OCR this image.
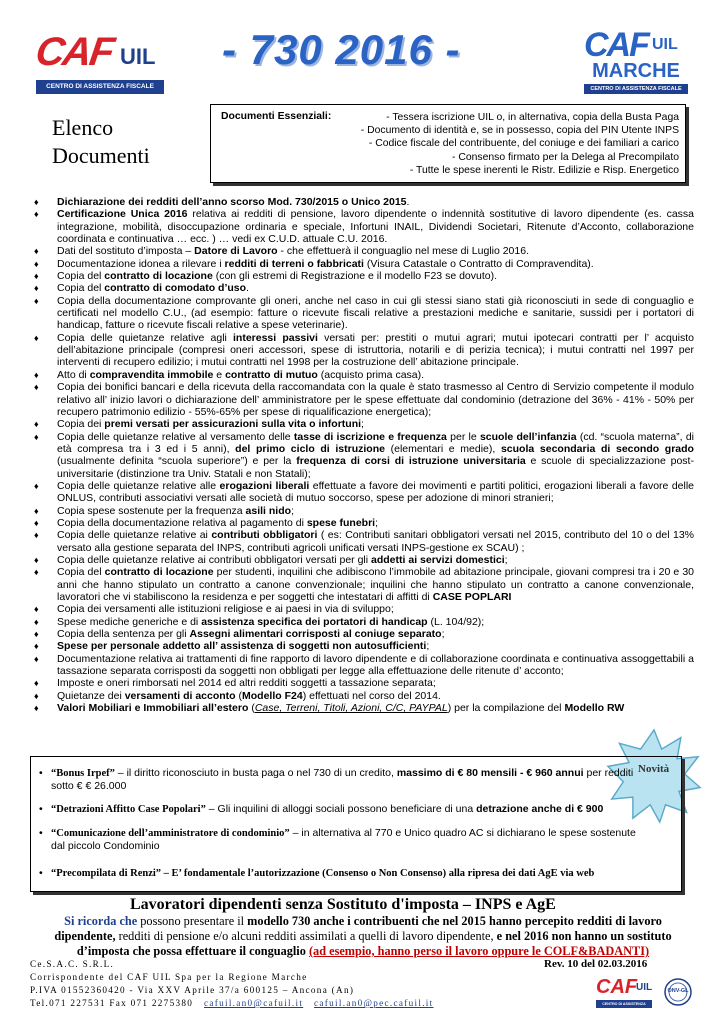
CAF UIL
CENTRO DI ASSISTENZA FISCALE
- 730 2016 -	CAF UIL
MARCHE
CENTRO DI ASSISTENZA FISCALE
Elenco
Documenti
Documenti Essenziali:	- Tessera iscrizione UIL o, in alternativa, copia della Busta Paga
- Documento di identità e, se in possesso, copia del PIN Utente INPS
- Codice fiscale del contribuente, del coniuge e dei familiari a carico
- Consenso firmato per la Delega al Precompilato
- Tutte le spese inerenti le Ristr. Edilizie e Risp. Energetico
♦ Dichiarazione dei redditi dell’anno scorso Mod. 730/2015 o Unico 2015.
♦ Certificazione Unica 2016 relativa ai redditi di pensione, lavoro dipendente o indennità sostitutive di lavoro dipendente (es. cassa integrazione, mobilità, disoccupazione ordinaria e speciale, Infortuni INAIL, Dividendi Societari, Ritenute d’Acconto, collaborazione coordinata e continuativa … ecc. ) … vedi ex C.U.D. attuale C.U. 2016.
♦ Dati del sostituto d’imposta – Datore di Lavoro - che effettuerà il conguaglio nel mese di Luglio 2016.
♦ Documentazione idonea a rilevare i redditi di terreni o fabbricati (Visura Catastale o Contratto di Compravendita).
♦ Copia del contratto di locazione (con gli estremi di Registrazione e il modello F23 se dovuto).
♦ Copia del contratto di comodato d’uso.
♦ Copia della documentazione comprovante gli oneri, anche nel caso in cui gli stessi siano stati già riconosciuti in sede di conguaglio e certificati nel modello C.U., (ad esempio: fatture o ricevute fiscali relative a prestazioni mediche e sanitarie, sussidi per i portatori di handicap, fatture o ricevute fiscali relative a spese veterinarie).
♦ Copia delle quietanze relative agli interessi passivi versati per: prestiti o mutui agrari; mutui ipotecari contratti per l’ acquisto dell’abitazione principale (compresi oneri accessori, spese di istruttoria, notarili e di perizia tecnica); i mutui contratti nel 1997 per interventi di recupero edilizio; i mutui contratti nel 1998 per la costruzione dell’ abitazione principale.
♦ Atto di compravendita immobile e contratto di mutuo (acquisto prima casa).
♦ Copia dei bonifici bancari e della ricevuta della raccomandata con la quale è stato trasmesso al Centro di Servizio competente il modulo relativo all’ inizio lavori o dichiarazione dell’ amministratore per le spese effettuate dal condominio (detrazione del 36% - 41% - 50% per recupero patrimonio edilizio - 55%-65% per spese di riqualificazione energetica);
♦ Copia dei premi versati per assicurazioni sulla vita o infortuni;
♦ Copia delle quietanze relative al versamento delle tasse di iscrizione e frequenza per le scuole dell’infanzia (cd. “scuola materna”, di età compresa tra i 3 ed i 5 anni), del primo ciclo di istruzione (elementari e medie), scuola secondaria di secondo grado (usualmente definita “scuola superiore”) e per la frequenza di corsi di istruzione universitaria e scuole di specializzazione post-universitarie (distinzione tra Univ. Statali e non Statali);
♦ Copia delle quietanze relative alle erogazioni liberali effettuate a favore dei movimenti e partiti politici, erogazioni liberali a favore delle ONLUS, contributi associativi versati alle società di mutuo soccorso, spese per adozione di minori stranieri;
♦ Copia spese sostenute per la frequenza asili nido;
♦ Copia della documentazione relativa al pagamento di spese funebri;
♦ Copia delle quietanze relative ai contributi obbligatori ( es: Contributi sanitari obbligatori versati nel 2015, contributo del 10 o del 13% versato alla gestione separata del INPS, contributi agricoli unificati versati INPS-gestione ex SCAU) ;
♦ Copia delle quietanze relative ai contributi obbligatori versati per gli addetti ai servizi domestici;
♦ Copia del contratto di locazione per studenti, inquilini che adibiscono l’immobile ad abitazione principale, giovani compresi tra i 20 e 30 anni che hanno stipulato un contratto a canone convenzionale; inquilini che hanno stipulato un contratto a canone convenzionale, lavoratori che vi stabiliscono la residenza e per soggetti che intestatari di affitti di CASE POPLARI
♦ Copia dei versamenti alle istituzioni religiose e ai paesi in via di sviluppo;
♦ Spese mediche generiche e di assistenza specifica dei portatori di handicap (L. 104/92);
♦ Copia della sentenza per gli Assegni alimentari corrisposti al coniuge separato;
♦ Spese per personale addetto all’ assistenza di soggetti non autosufficienti;
♦ Documentazione relativa ai trattamenti di fine rapporto di lavoro dipendente e di collaborazione coordinata e continuativa assoggettabili a tassazione separata corrisposti da soggetti non obbligati per legge alla effettuazione delle ritenute d’ acconto;
♦ Imposte e oneri rimborsati nel 2014 ed altri redditi soggetti a tassazione separata;
♦ Quietanze dei versamenti di acconto (Modello F24) effettuati nel corso del 2014.
♦ Valori Mobiliari e Immobiliari all’estero (Case, Terreni, Titoli, Azioni, C/C, PAYPAL) per la compilazione del Modello RW
Novità
• “Bonus Irpef” – il diritto riconosciuto in busta paga o nel 730 di un credito, massimo di € 80 mensili - € 960 annui per redditi sotto € € 26.000
• “Detrazioni Affitto Case Popolari” – Gli inquilini di alloggi sociali possono beneficiare di una detrazione anche di € 900
• “Comunicazione dell’amministratore di condominio” – in alternativa al 770 e Unico quadro AC si dichiarano le spese sostenute dal piccolo Condominio
• “Precompilata di Renzi” – E’ fondamentale l’autorizzazione (Consenso o Non Consenso) alla ripresa dei dati AgE via web
Lavoratori dipendenti senza Sostituto d'imposta – INPS e AgE
Si ricorda che possono presentare il modello 730 anche i contribuenti che nel 2015 hanno percepito redditi di lavoro dipendente, redditi di pensione e/o alcuni redditi assimilati a quelli di lavoro dipendente, e nel 2016 non hanno un sostituto d’imposta che possa effettuare il conguaglio (ad esempio, hanno perso il lavoro oppure le COLF&BADANTI)
Ce.S.A.C. S.R.L.
Corrispondente del CAF UIL Spa per la Regione Marche
P.IVA 01552360420 - Via XXV Aprile 37/a 600125 – Ancona (An)
Tel.071 227531 Fax 071 2275380 cafuil.an0@cafuil.it cafuil.an0@pec.cafuil.it
Rev. 10 del 02.03.2016
CAF
UIL
CENTRO DI ASSISTENZA FISCALE
ONV-GL
